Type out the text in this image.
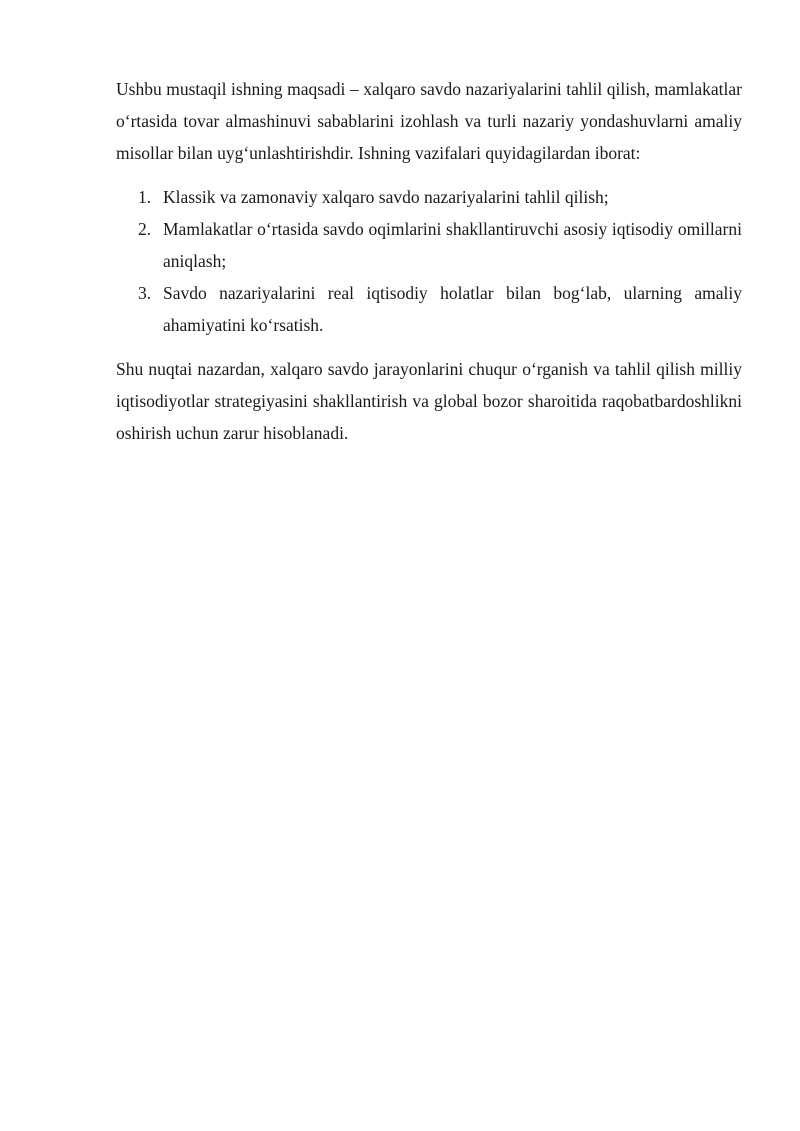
Ushbu mustaqil ishning maqsadi – xalqaro savdo nazariyalarini tahlil qilish, mamlakatlar o‘rtasida tovar almashinuvi sabablarini izohlash va turli nazariy yondashuvlarni amaliy misollar bilan uyg‘unlashtirishdir. Ishning vazifalari quyidagilardan iborat:

1. Klassik va zamonaviy xalqaro savdo nazariyalarini tahlil qilish;
2. Mamlakatlar o‘rtasida savdo oqimlarini shakllantiruvchi asosiy iqtisodiy omillarni aniqlash;
3. Savdo nazariyalarini real iqtisodiy holatlar bilan bog‘lab, ularning amaliy ahamiyatini ko‘rsatish.

Shu nuqtai nazardan, xalqaro savdo jarayonlarini chuqur o‘rganish va tahlil qilish milliy iqtisodiyotlar strategiyasini shakllantirish va global bozor sharoitida raqobatbardoshlikni oshirish uchun zarur hisoblanadi.
